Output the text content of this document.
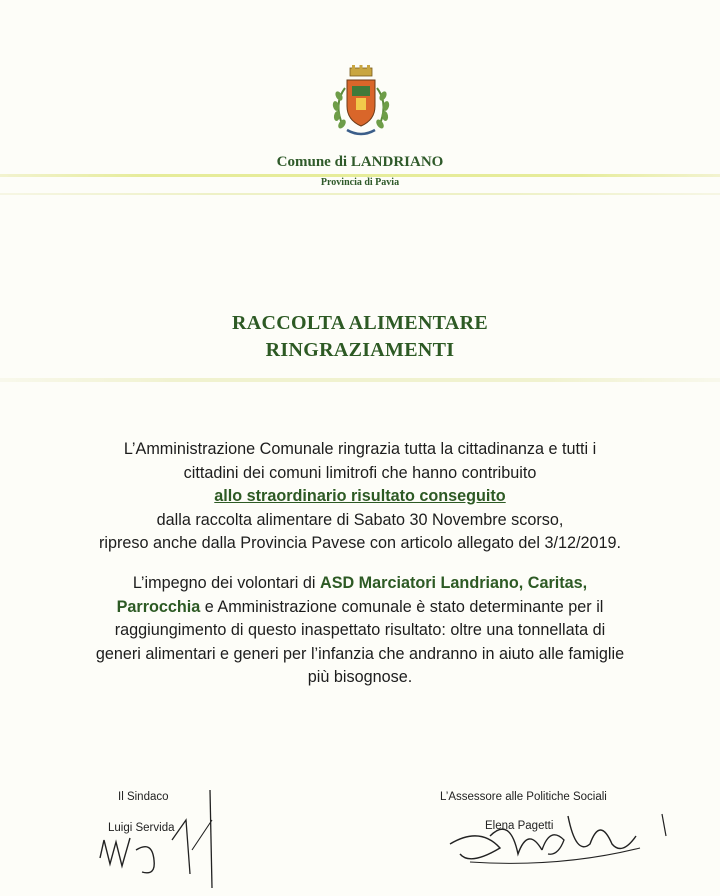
Comune di LANDRIANO
Provincia di Pavia
RACCOLTA ALIMENTARE
RINGRAZIAMENTI
L’Amministrazione Comunale ringrazia tutta la cittadinanza e tutti i
cittadini dei comuni limitrofi che hanno contribuito
allo straordinario risultato conseguito
dalla raccolta alimentare di Sabato 30 Novembre scorso,
ripreso anche dalla Provincia Pavese con articolo allegato del 3/12/2019.
L’impegno dei volontari di ASD Marciatori Landriano, Caritas,
Parrocchia e Amministrazione comunale è stato determinante per il
raggiungimento di questo inaspettato risultato: oltre una tonnellata di
generi alimentari e generi per l’infanzia che andranno in aiuto alle famiglie
più bisognose.
Il Sindaco
Luigi Servida
L’Assessore alle Politiche Sociali
Elena Pagetti
